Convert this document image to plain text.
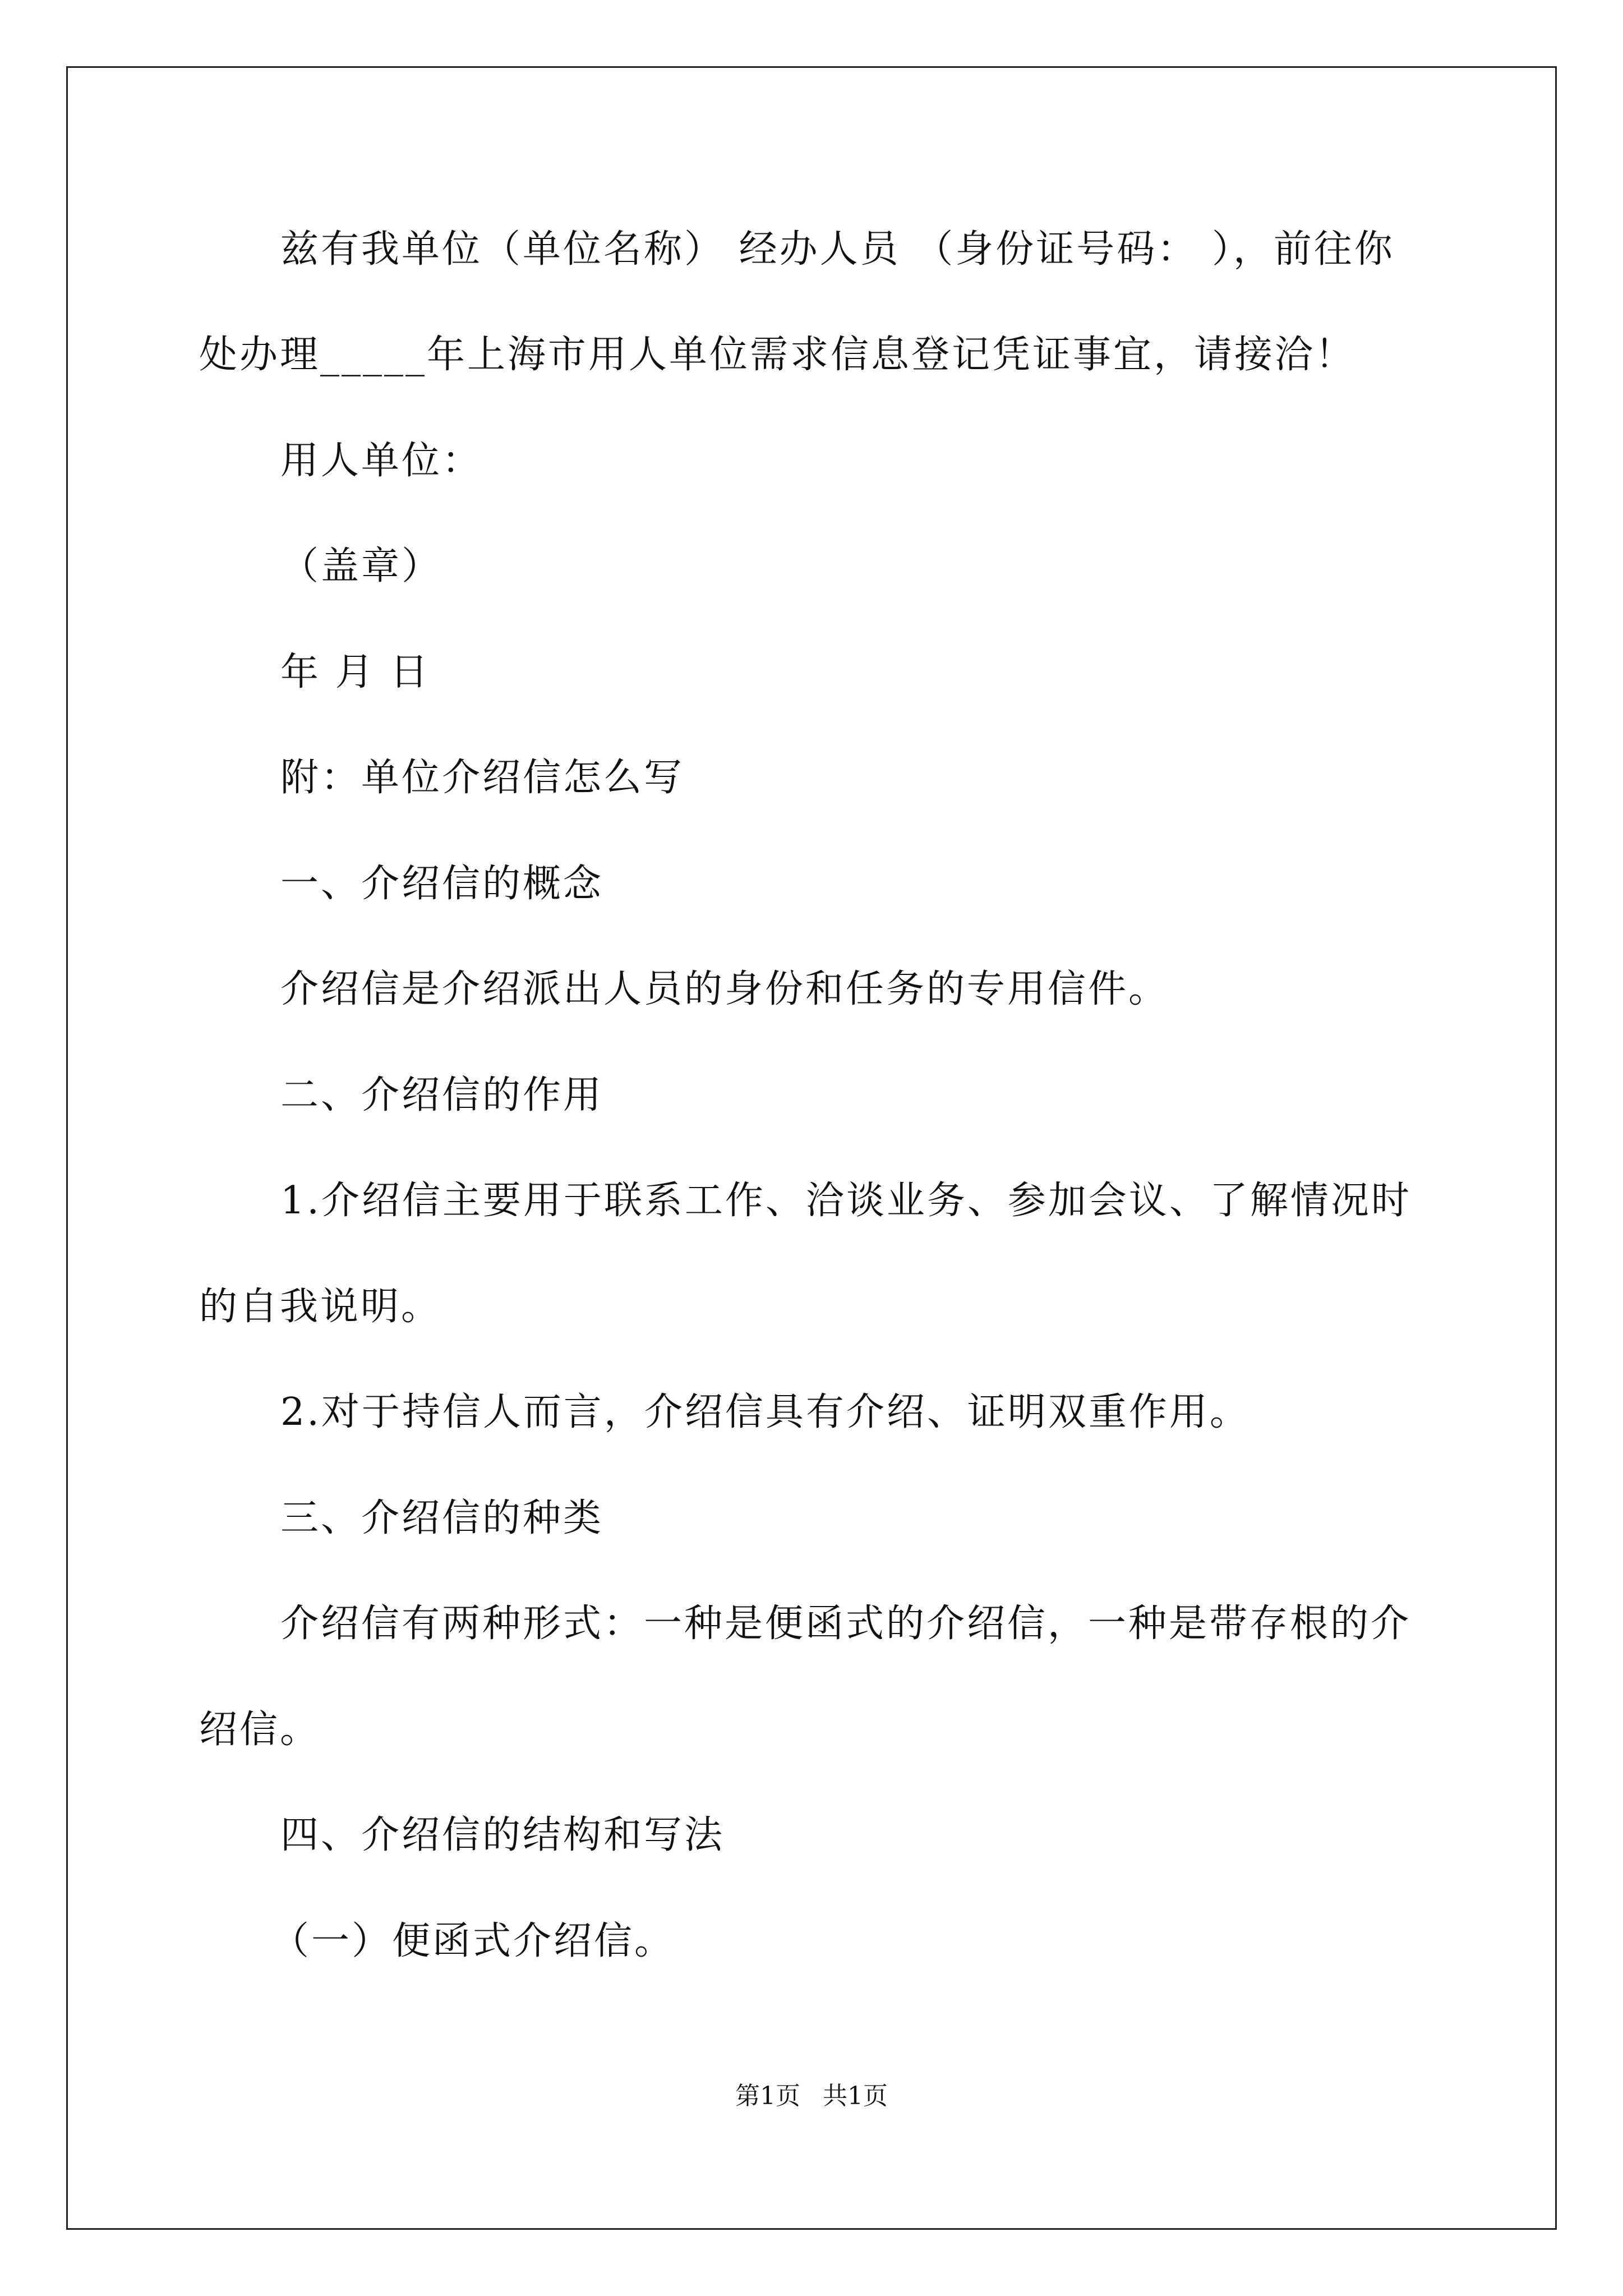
兹有我单位（单位名称） 经办人员 （身份证号码： ），前往你
处办理_____年上海市用人单位需求信息登记凭证事宜，请接洽！
用人单位：
（盖章）
年 月 日
附：单位介绍信怎么写
一、介绍信的概念
介绍信是介绍派出人员的身份和任务的专用信件。
二、介绍信的作用
1.介绍信主要用于联系工作、洽谈业务、参加会议、了解情况时
的自我说明。
2.对于持信人而言，介绍信具有介绍、证明双重作用。
三、介绍信的种类
介绍信有两种形式：一种是便函式的介绍信，一种是带存根的介
绍信。
四、介绍信的结构和写法
（一）便函式介绍信。
第1页 共1页
